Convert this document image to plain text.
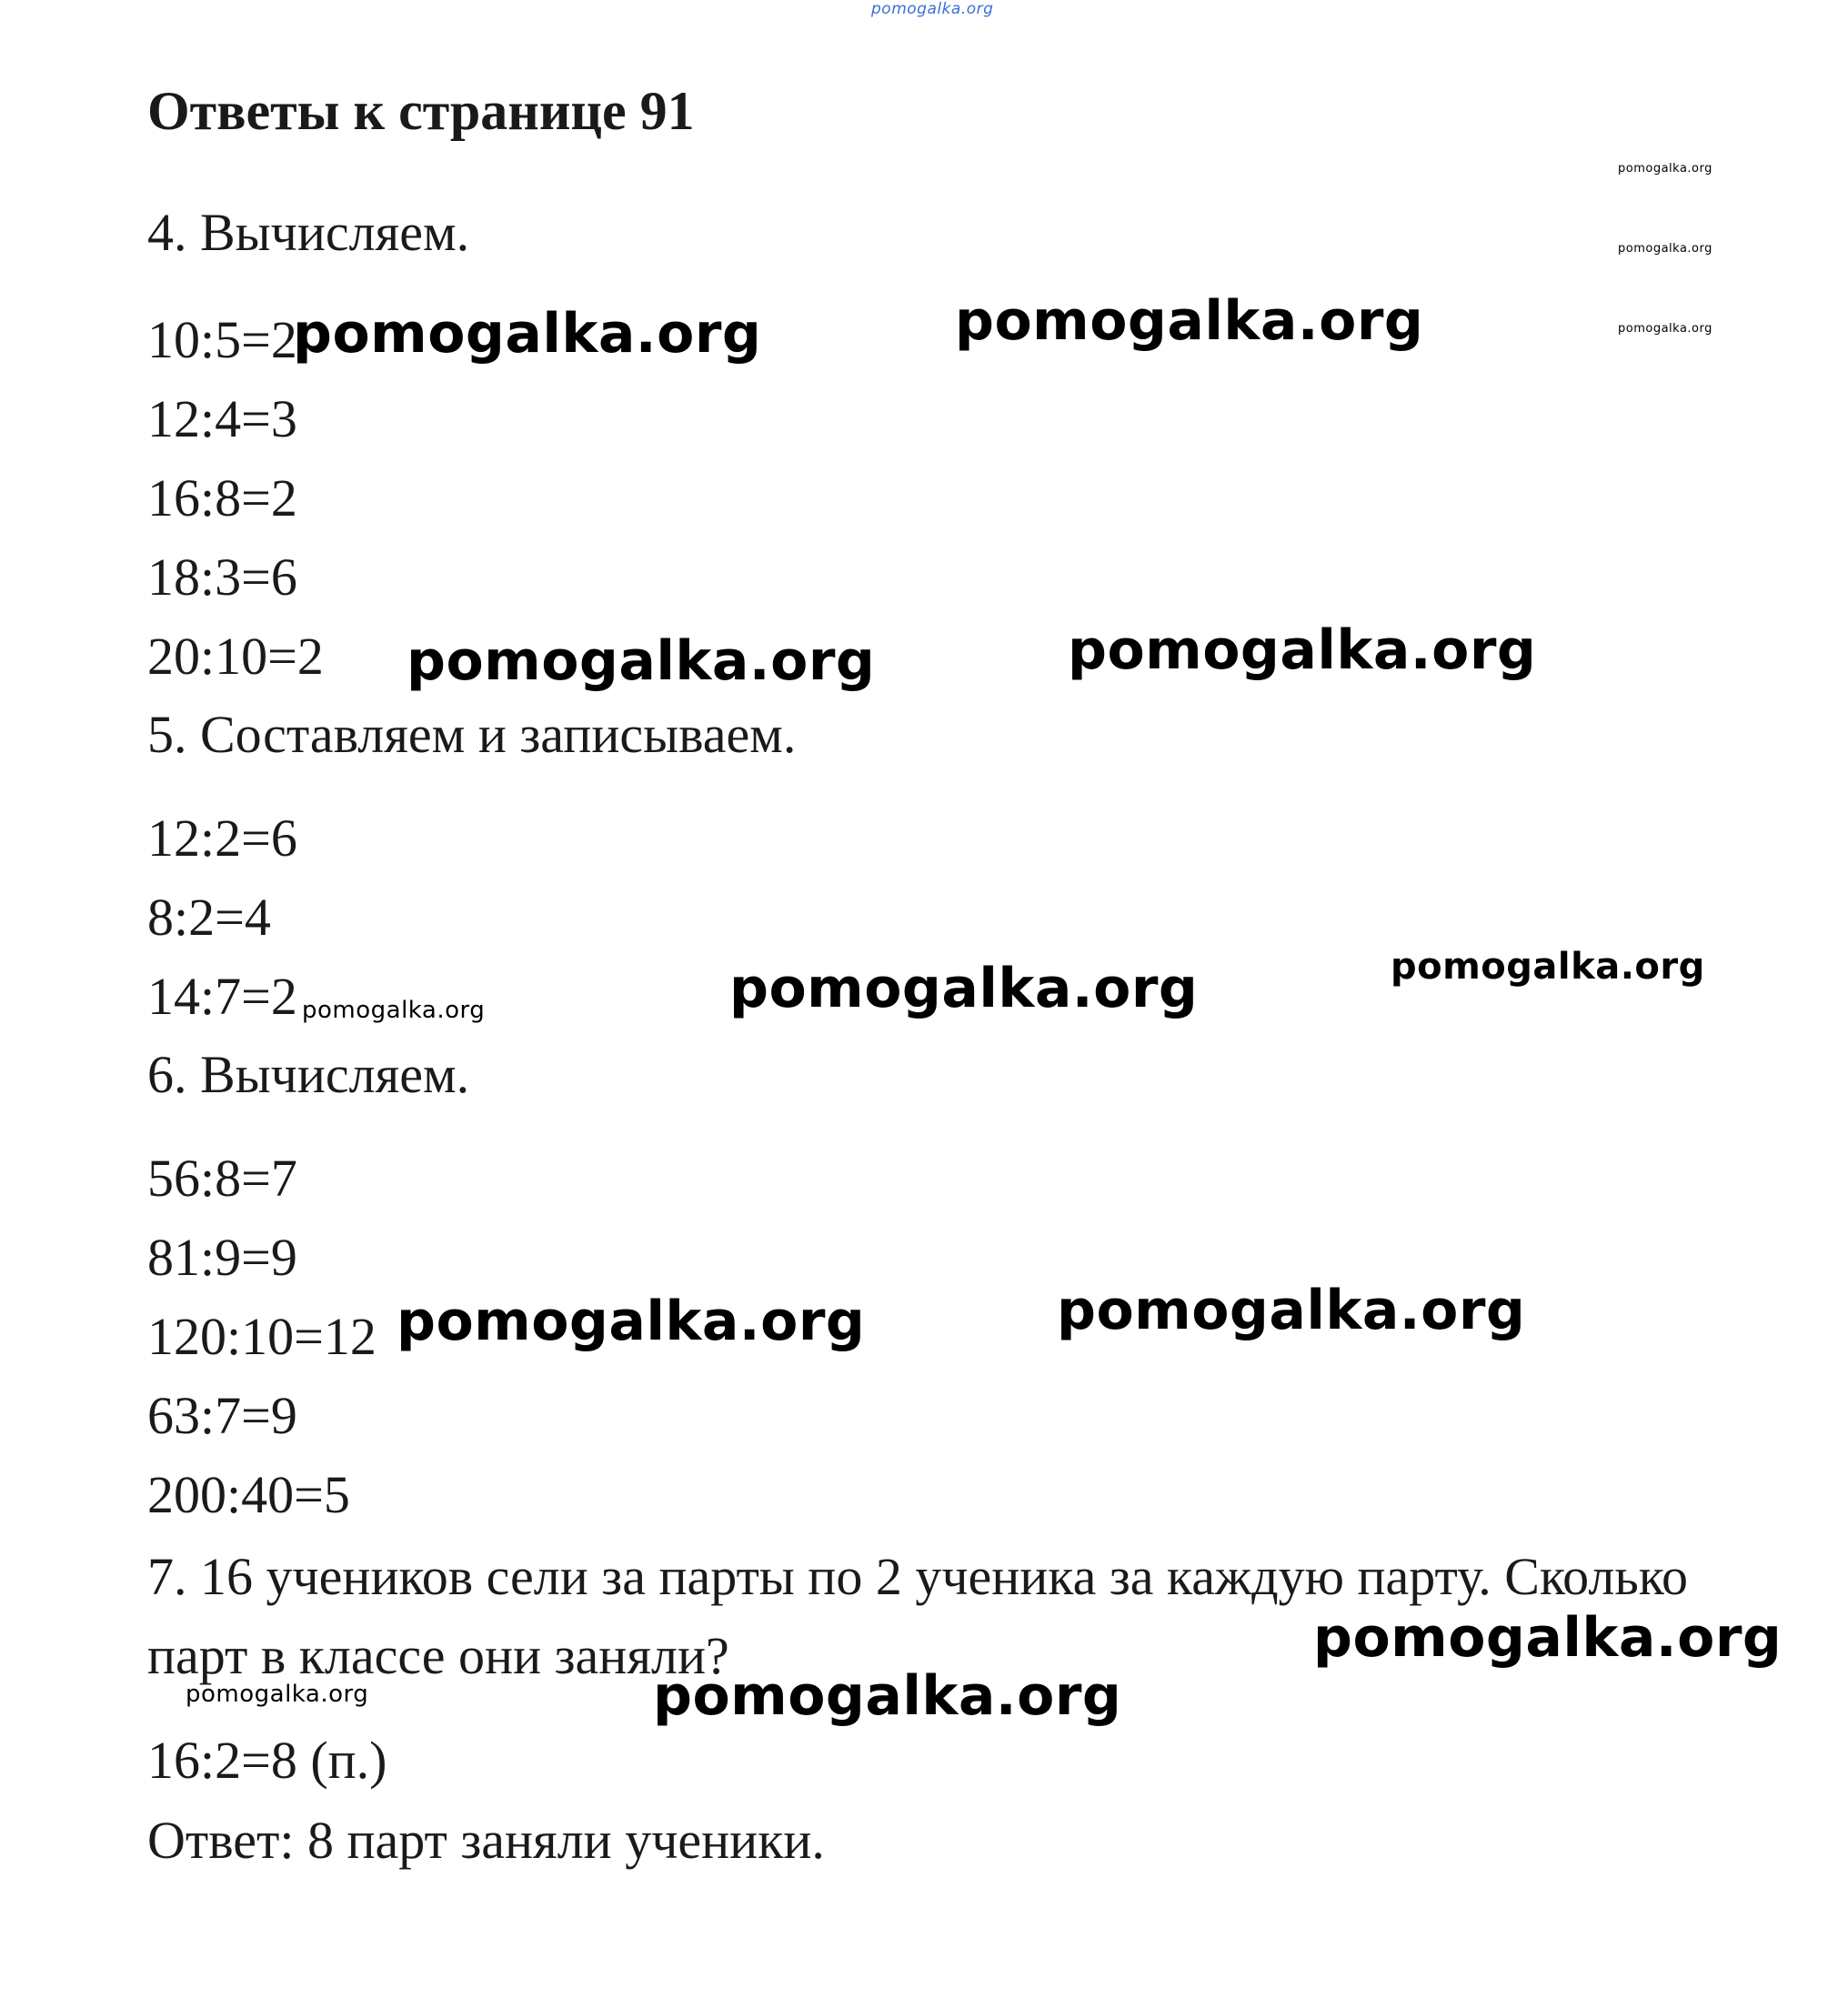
pomogalka.org
Ответы к странице 91
pomogalka.org
pomogalka.org
pomogalka.org
4. Вычисляем.
10:5=2
12:4=3
16:8=2
18:3=6
20:10=2
pomogalka.org	pomogalka.org
pomogalka.org	pomogalka.org
5. Составляем и записываем.
12:2=6
8:2=4
14:7=2 pomogalka.org	pomogalka.org	pomogalka.org
6. Вычисляем.
56:8=7
81:9=9
120:10=12
63:7=9
200:40=5
pomogalka.org	pomogalka.org
7. 16 учеников сели за парты по 2 ученика за каждую парту. Сколько
парт в классе они заняли?	pomogalka.org
pomogalka.org	pomogalka.org
16:2=8 (п.)
Ответ: 8 парт заняли ученики.
